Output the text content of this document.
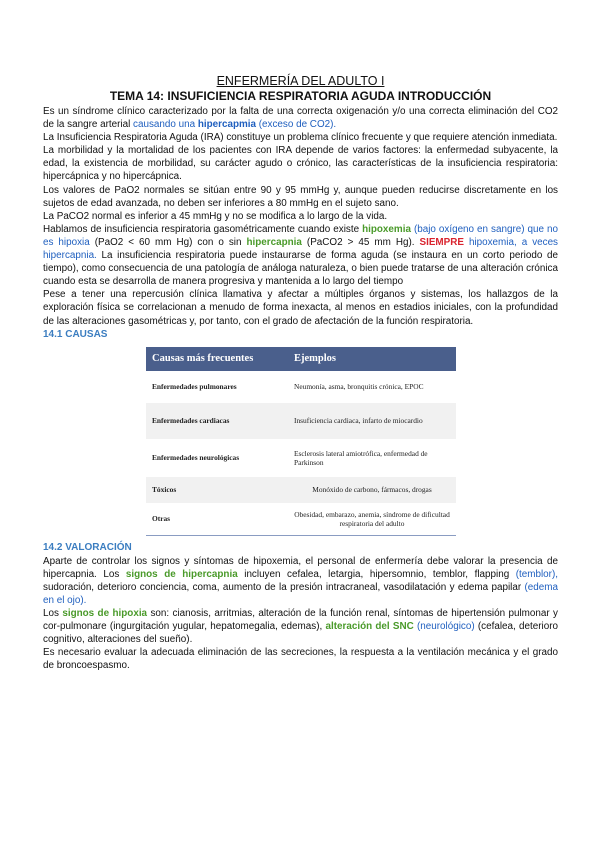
ENFERMERÍA DEL ADULTO I

TEMA 14: INSUFICIENCIA RESPIRATORIA AGUDA INTRODUCCIÓN

Es un síndrome clínico caracterizado por la falta de una correcta oxigenación y/o una correcta eliminación del CO2 de la sangre arterial causando una hipercapmia (exceso de CO2).

La Insuficiencia Respiratoria Aguda (IRA) constituye un problema clínico frecuente y que requiere atención inmediata.

La morbilidad y la mortalidad de los pacientes con IRA depende de varios factores: la enfermedad subyacente, la edad, la existencia de morbilidad, su carácter agudo o crónico, las características de la insuficiencia respiratoria: hipercápnica y no hipercápnica.

Los valores de PaO2 normales se sitúan entre 90 y 95 mmHg y, aunque pueden reducirse discretamente en los sujetos de edad avanzada, no deben ser inferiores a 80 mmHg en el sujeto sano.

La PaCO2 normal es inferior a 45 mmHg y no se modifica a lo largo de la vida.

Hablamos de insuficiencia respiratoria gasométricamente cuando existe hipoxemia (bajo oxígeno en sangre) que no es hipoxia (PaO2 < 60 mm Hg) con o sin hipercapnia (PaCO2 > 45 mm Hg). SIEMPRE hipoxemia, a veces hipercapnia. La insuficiencia respiratoria puede instaurarse de forma aguda (se instaura en un corto periodo de tiempo), como consecuencia de una patología de análoga naturaleza, o bien puede tratarse de una alteración crónica cuando esta se desarrolla de manera progresiva y mantenida a lo largo del tiempo

Pese a tener una repercusión clínica llamativa y afectar a múltiples órganos y sistemas, los hallazgos de la exploración física se correlacionan a menudo de forma inexacta, al menos en estadios iniciales, con la profundidad de las alteraciones gasométricas y, por tanto, con el grado de afectación de la función respiratoria.

14.1 CAUSAS

Causas más frecuentes	Ejemplos
Enfermedades pulmonares	Neumonía, asma, bronquitis crónica, EPOC
Enfermedades cardiacas	Insuficiencia cardiaca, infarto de miocardio
Enfermedades neurológicas	Esclerosis lateral amiotrófica, enfermedad de Parkinson
Tóxicos	Monóxido de carbono, fármacos, drogas
Otras	Obesidad, embarazo, anemia, síndrome de dificultad respiratoria del adulto

14.2 VALORACIÓN

Aparte de controlar los signos y síntomas de hipoxemia, el personal de enfermería debe valorar la presencia de hipercapnia. Los signos de hipercapnia incluyen cefalea, letargia, hipersomnio, temblor, flapping (temblor), sudoración, deterioro conciencia, coma, aumento de la presión intracraneal, vasodilatación y edema papilar (edema en el ojo).

Los signos de hipoxia son: cianosis, arritmias, alteración de la función renal, síntomas de hipertensión pulmonar y cor-pulmonare (ingurgitación yugular, hepatomegalia, edemas), alteración del SNC (neurológico) (cefalea, deterioro cognitivo, alteraciones del sueño).

Es necesario evaluar la adecuada eliminación de las secreciones, la respuesta a la ventilación mecánica y el grado de broncoespasmo.
